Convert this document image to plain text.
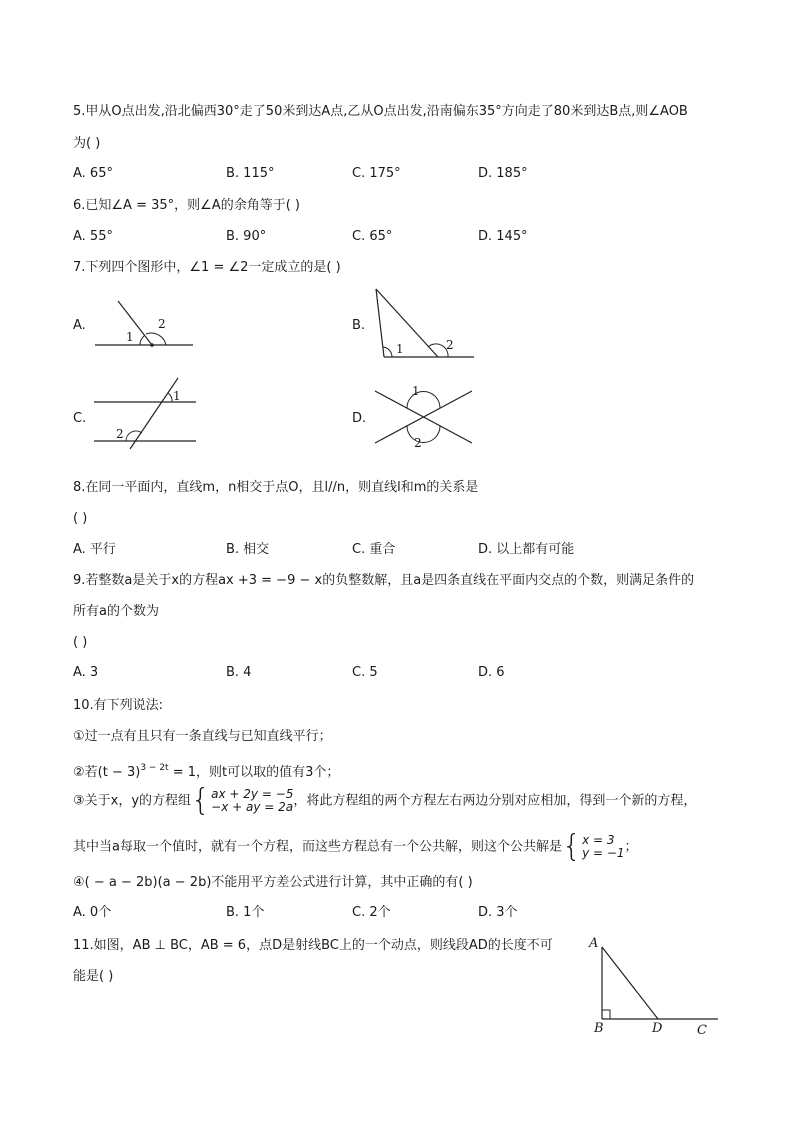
5.甲从O点出发,沿北偏西30°走了50米到达A点,乙从O点出发,沿南偏东35°方向走了80米到达B点,则∠AOB
为( )
A. 65°	B. 115°	C. 175°	D. 185°
6.已知∠A = 35°，则∠A的余角等于( )
A. 55°	B. 90°	C. 65°	D. 145°
7.下列四个图形中，∠1 = ∠2一定成立的是( )
A.
1
2	B.
1	2
C.
1
2
D.
1
2
8.在同一平面内，直线m，n相交于点O，且l//n，则直线l和m的关系是
( )
A. 平行	B. 相交	C. 重合	D. 以上都有可能
9.若整数a是关于x的方程ax +3 = −9 − x的负整数解，且a是四条直线在平面内交点的个数，则满足条件的
所有a的个数为
( )
A. 3	B. 4	C. 5	D. 6
10.有下列说法:
①过一点有且只有一条直线与已知直线平行；
②若$(t - 3)^{3 - 2t} = 1$，则t可以取的值有3个；
③关于x，y的方程组{ax + 2y = −5
−x + ay = 2a，将此方程组的两个方程左右两边分别对应相加，得到一个新的方程，
其中当a每取一个值时，就有一个方程，而这些方程总有一个公共解，则这个公共解是{x = 3
y = −1；
④( − a − 2b)(a − 2b)不能用平方差公式进行计算，其中正确的有( )
A. 0个	B. 1个	C. 2个	D. 3个
11.如图，AB ⊥ BC，AB = 6，点D是射线BC上的一个动点，则线段AD的长度不可
能是( )
A
B	D	C
